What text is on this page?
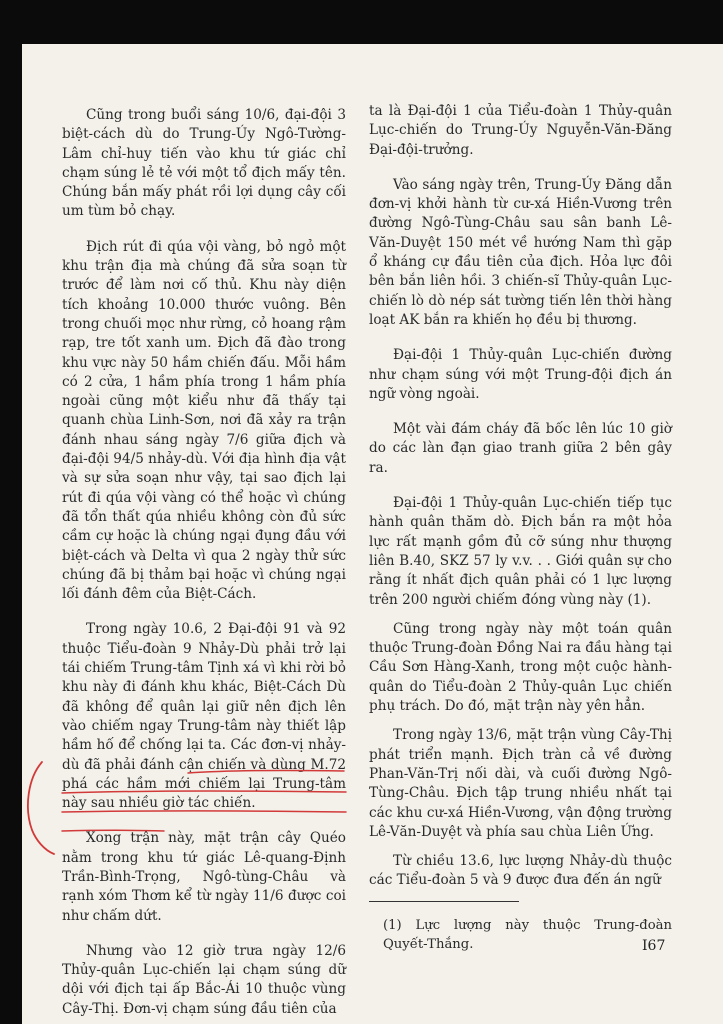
Cũng trong buổi sáng 10/6, đại-đội 3 biệt-cách dù do Trung-Úy Ngô-Tường-Lâm chỉ-huy tiến vào khu tứ giác chỉ chạm súng lẻ tẻ với một tổ địch mấy tên. Chúng bắn mấy phát rồi lợi dụng cây cối um tùm bỏ chạy.

Địch rút đi qúa vội vàng, bỏ ngỏ một khu trận địa mà chúng đã sửa soạn từ trước để làm nơi cố thủ. Khu này diện tích khoảng 10.000 thước vuông. Bên trong chuối mọc như rừng, cỏ hoang rậm rạp, tre tốt xanh um. Địch đã đào trong khu vực này 50 hầm chiến đấu. Mỗi hầm có 2 cửa, 1 hầm phía trong 1 hầm phía ngoài cũng một kiểu như đã thấy tại quanh chùa Linh-Sơn, nơi đã xảy ra trận đánh nhau sáng ngày 7/6 giữa địch và đại-đội 94/5 nhảy-dù. Với địa hình địa vật và sự sửa soạn như vậy, tại sao địch lại rút đi qúa vội vàng có thể hoặc vì chúng đã tổn thất qúa nhiều không còn đủ sức cầm cự hoặc là chúng ngại đụng đầu với biệt-cách và Delta vì qua 2 ngày thử sức chúng đã bị thảm bại hoặc vì chúng ngại lối đánh đêm của Biệt-Cách.

Trong ngày 10.6, 2 Đại-đội 91 và 92 thuộc Tiểu-đoàn 9 Nhảy-Dù phải trở lại tái chiếm Trung-tâm Tịnh xá vì khi rời bỏ khu này đi đánh khu khác, Biệt-Cách Dù đã không để quân lại giữ nên địch lên vào chiếm ngay Trung-tâm này thiết lập hầm hố để chống lại ta. Các đơn-vị nhảy-dù đã phải đánh cận chiến và dùng M.72 phá các hầm mới chiếm lại Trung-tâm này sau nhiều giờ tác chiến.

Xong trận này, mặt trận cây Quéo nằm trong khu tứ giác Lê-quang-Định Trần-Bình-Trọng, Ngô-tùng-Châu và rạnh xóm Thơm kể từ ngày 11/6 được coi như chấm dứt.

Nhưng vào 12 giờ trưa ngày 12/6 Thủy-quân Lục-chiến lại chạm súng dữ dội với địch tại ấp Bắc-Ái 10 thuộc vùng Cây-Thị. Đơn-vị chạm súng đầu tiên của

ta là Đại-đội 1 của Tiểu-đoàn 1 Thủy-quân Lục-chiến do Trung-Úy Nguyễn-Văn-Đăng Đại-đội-trưởng.

Vào sáng ngày trên, Trung-Úy Đăng dẫn đơn-vị khởi hành từ cư-xá Hiền-Vương trên đường Ngô-Tùng-Châu sau sân banh Lê-Văn-Duyệt 150 mét về hướng Nam thì gặp ổ kháng cự đầu tiên của địch. Hỏa lực đôi bên bắn liên hồi. 3 chiến-sĩ Thủy-quân Lục-chiến lò dò nép sát tường tiến lên thời hàng loạt AK bắn ra khiến họ đều bị thương.

Đại-đội 1 Thủy-quân Lục-chiến đường như chạm súng với một Trung-đội địch án ngữ vòng ngoài.

Một vài đám cháy đã bốc lên lúc 10 giờ do các làn đạn giao tranh giữa 2 bên gây ra.

Đại-đội 1 Thủy-quân Lục-chiến tiếp tục hành quân thăm dò. Địch bắn ra một hỏa lực rất mạnh gồm đủ cỡ súng như thượng liên B.40, SKZ 57 ly v.v. . . Giới quân sự cho rằng ít nhất địch quân phải có 1 lực lượng trên 200 người chiếm đóng vùng này (1).

Cũng trong ngày này một toán quân thuộc Trung-đoàn Đồng Nai ra đầu hàng tại Cầu Sơn Hàng-Xanh, trong một cuộc hành-quân do Tiểu-đoàn 2 Thủy-quân Lục chiến phụ trách. Do đó, mặt trận này yên hẳn.

Trong ngày 13/6, mặt trận vùng Cây-Thị phát triển mạnh. Địch tràn cả về đường Phan-Văn-Trị nối dài, và cuối đường Ngô-Tùng-Châu. Địch tập trung nhiều nhất tại các khu cư-xá Hiền-Vương, vận động trường Lê-Văn-Duyệt và phía sau chùa Liên Ứng.

Từ chiều 13.6, lực lượng Nhảy-dù thuộc các Tiểu-đoàn 5 và 9 được đưa đến án ngữ

(1) Lực lượng này thuộc Trung-đoàn Quyết-Thắng.	I67
